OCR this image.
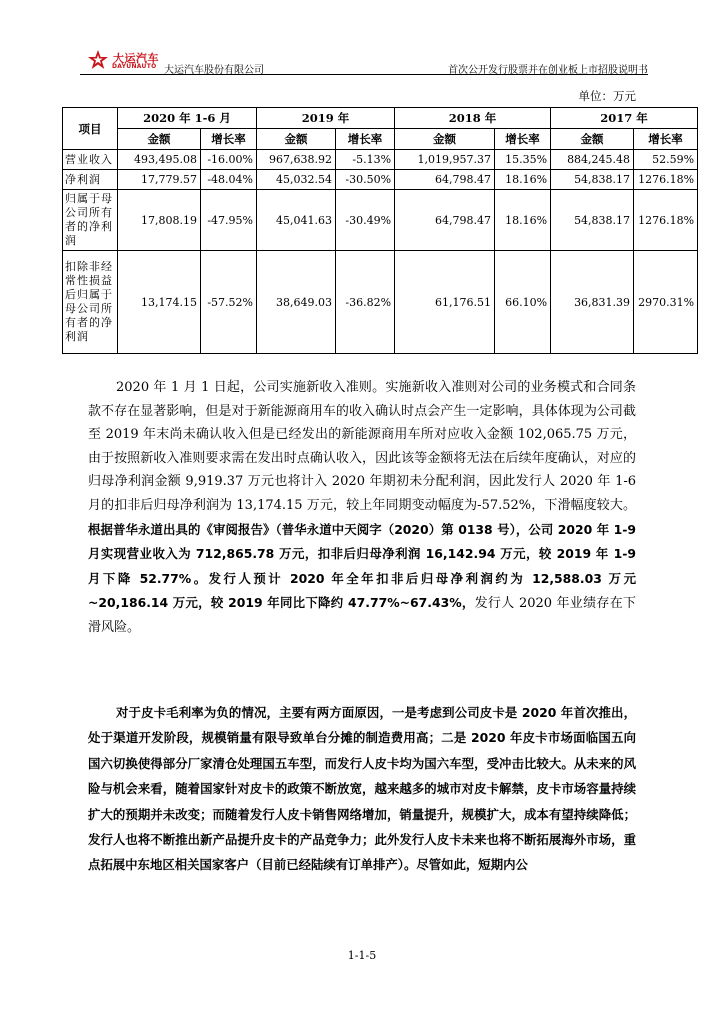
大运汽车
DAYUNAUTO 大运汽车股份有限公司	首次公开发行股票并在创业板上市招股说明书
单位：万元
项目	2020 年 1-6 月		2019 年		2018 年		2017 年	
	金额	增长率	金额	增长率	金额	增长率	金额	增长率
营业收入	493,495.08	-16.00%	967,638.92	-5.13%	1,019,957.37	15.35%	884,245.48	52.59%
净利润	17,779.57	-48.04%	45,032.54	-30.50%	64,798.47	18.16%	54,838.17	1276.18%
归属于母公司所有者的净利润	17,808.19	-47.95%	45,041.63	-30.49%	64,798.47	18.16%	54,838.17	1276.18%
扣除非经常性损益后归属于母公司所有者的净利润	13,174.15	-57.52%	38,649.03	-36.82%	61,176.51	66.10%	36,831.39	2970.31%
2020 年 1 月 1 日起，公司实施新收入准则。实施新收入准则对公司的业务模式和合同条款不存在显著影响，但是对于新能源商用车的收入确认时点会产生一定影响，具体体现为公司截至 2019 年末尚未确认收入但是已经发出的新能源商用车所对应收入金额 102,065.75 万元，由于按照新收入准则要求需在发出时点确认收入，因此该等金额将无法在后续年度确认，对应的归母净利润金额 9,919.37 万元也将计入 2020 年期初未分配利润，因此发行人 2020 年 1-6 月的扣非后归母净利润为 13,174.15 万元，较上年同期变动幅度为-57.52%，下滑幅度较大。根据普华永道出具的《审阅报告》（普华永道中天阅字（2020）第 0138 号），公司 2020 年 1-9 月实现营业收入为 712,865.78 万元，扣非后归母净利润 16,142.94 万元，较 2019 年 1-9 月下降 52.77%。发行人预计 2020 年全年扣非后归母净利润约为 12,588.03 万元~20,186.14 万元，较 2019 年同比下降约 47.77%~67.43%，发行人 2020 年业绩存在下滑风险。
对于皮卡毛利率为负的情况，主要有两方面原因，一是考虑到公司皮卡是 2020 年首次推出，处于渠道开发阶段，规模销量有限导致单台分摊的制造费用高；二是 2020 年皮卡市场面临国五向国六切换使得部分厂家清仓处理国五车型，而发行人皮卡均为国六车型，受冲击比较大。从未来的风险与机会来看，随着国家针对皮卡的政策不断放宽，越来越多的城市对皮卡解禁，皮卡市场容量持续扩大的预期并未改变；而随着发行人皮卡销售网络增加，销量提升，规模扩大，成本有望持续降低；发行人也将不断推出新产品提升皮卡的产品竞争力；此外发行人皮卡未来也将不断拓展海外市场，重点拓展中东地区相关国家客户（目前已经陆续有订单排产）。尽管如此，短期内公
1-1-5
